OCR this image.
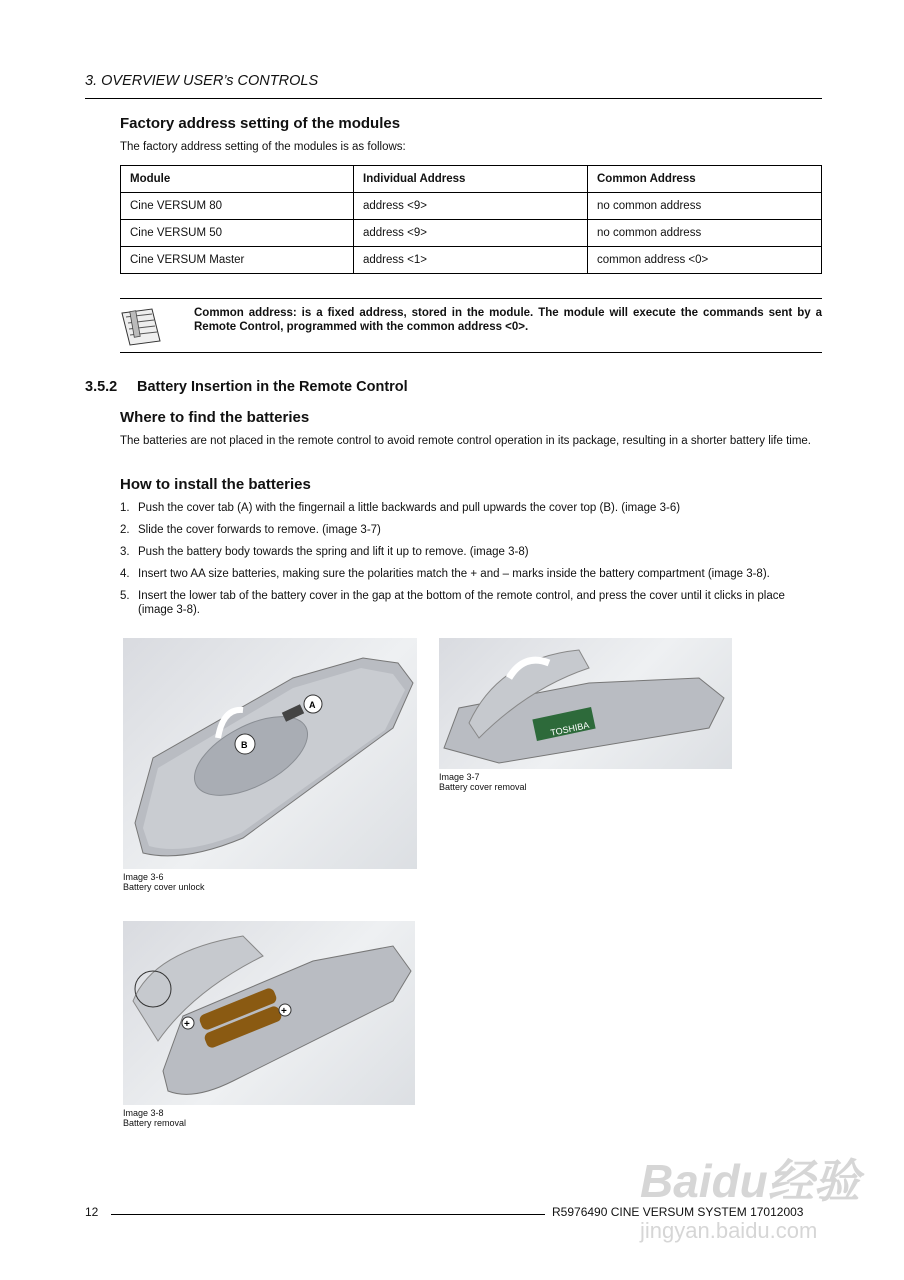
3. OVERVIEW USER’s CONTROLS
Factory address setting of the modules
The factory address setting of the modules is as follows:
Module	Individual Address	Common Address
Cine VERSUM 80	address <9>	no common address
Cine VERSUM 50	address <9>	no common address
Cine VERSUM Master	address <1>	common address <0>
Common address: is a fixed address, stored in the module. The module will execute the commands sent by a Remote Control, programmed with the common address <0>.
3.5.2 Battery Insertion in the Remote Control
Where to find the batteries
The batteries are not placed in the remote control to avoid remote control operation in its package, resulting in a shorter battery life time.
How to install the batteries
1. Push the cover tab (A) with the fingernail a little backwards and pull upwards the cover top (B). (image 3-6)
2. Slide the cover forwards to remove. (image 3-7)
3. Push the battery body towards the spring and lift it up to remove. (image 3-8)
4. Insert two AA size batteries, making sure the polarities match the + and – marks inside the battery compartment (image 3-8).
5. Insert the lower tab of the battery cover in the gap at the bottom of the remote control, and press the cover until it clicks in place (image 3-8).
B
A
Image 3-6
Battery cover unlock
TOSHIBA
Image 3-7
Battery cover removal
+
+
Image 3-8
Battery removal
Baidu经验
jingyan.baidu.com
12	R5976490 CINE VERSUM SYSTEM 17012003
